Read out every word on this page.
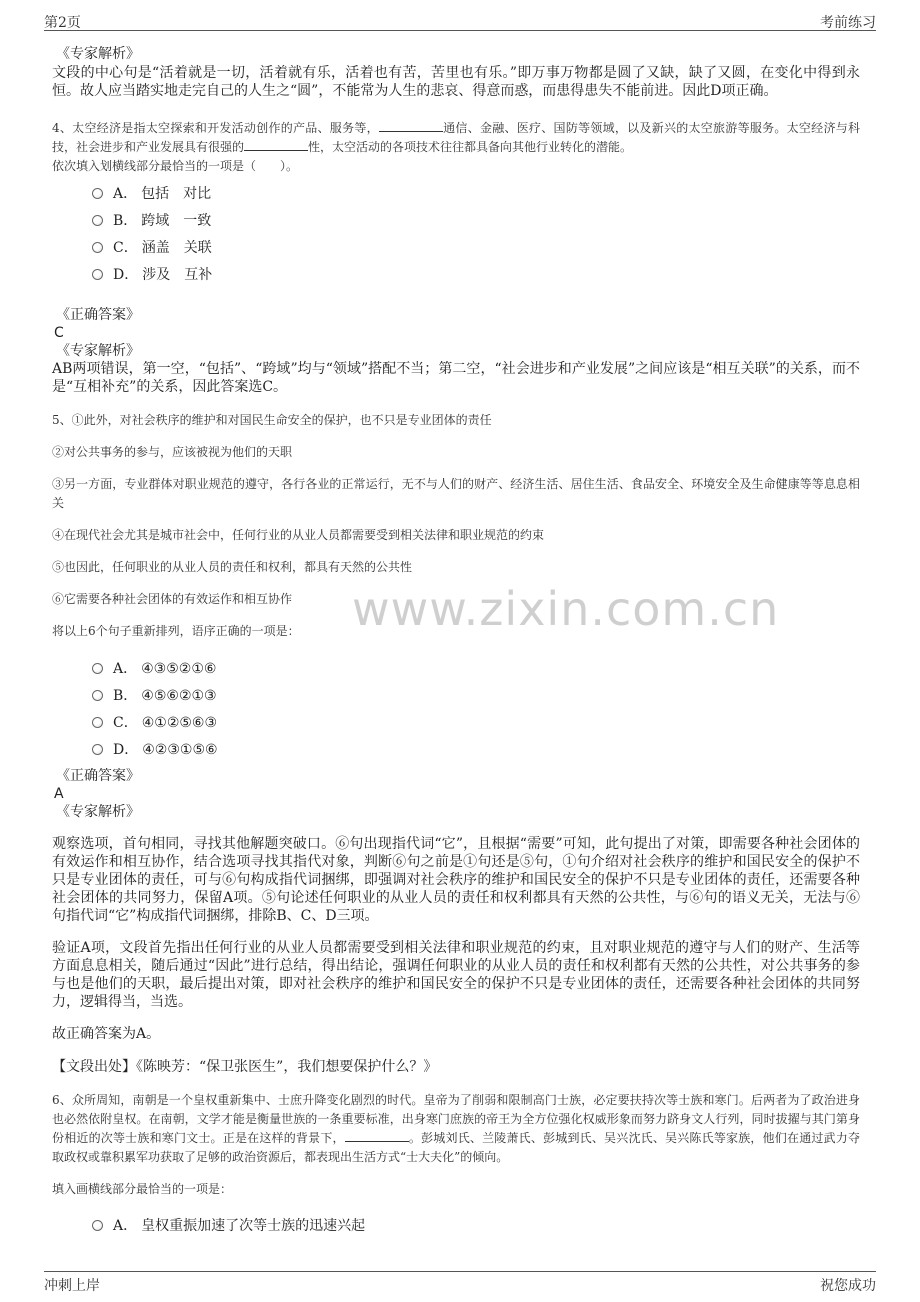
第2页	考前练习
www.zixin.com.cn
《专家解析》

文段的中心句是“活着就是一切，活着就有乐，活着也有苦，苦里也有乐。”即万事万物都是圆了又缺，缺了又圆，在变化中得到永恒。故人应当踏实地走完自己的人生之“圆”，不能常为人生的悲哀、得意而惑，而患得患失不能前进。因此D项正确。

4、太空经济是指太空探索和开发活动创作的产品、服务等，	通信、金融、医疗、国防等领域，以及新兴的太空旅游等服务。太空经济与科技，社会进步和产业发展具有很强的	性，太空活动的各项技术往往都具备向其他行业转化的潜能。

依次填入划横线部分最恰当的一项是（　　）。

A． 包括　对比
B． 跨域　一致
C． 涵盖　关联
D． 涉及　互补
《正确答案》
C
《专家解析》

AB两项错误，第一空，“包括”、“跨域”均与“领域”搭配不当；第二空，“社会进步和产业发展”之间应该是“相互关联”的关系，而不是“互相补充”的关系，因此答案选C。

5、①此外，对社会秩序的维护和对国民生命安全的保护，也不只是专业团体的责任

②对公共事务的参与，应该被视为他们的天职

③另一方面，专业群体对职业规范的遵守，各行各业的正常运行，无不与人们的财产、经济生活、居住生活、食品安全、环境安全及生命健康等等息息相关

④在现代社会尤其是城市社会中，任何行业的从业人员都需要受到相关法律和职业规范的约束

⑤也因此，任何职业的从业人员的责任和权利，都具有天然的公共性

⑥它需要各种社会团体的有效运作和相互协作

将以上6个句子重新排列，语序正确的一项是：

A． ④③⑤②①⑥
B． ④⑤⑥②①③
C． ④①②⑤⑥③
D． ④②③①⑤⑥
《正确答案》
A
《专家解析》

观察选项，首句相同，寻找其他解题突破口。⑥句出现指代词“它”，且根据“需要”可知，此句提出了对策，即需要各种社会团体的有效运作和相互协作，结合选项寻找其指代对象，判断⑥句之前是①句还是⑤句，①句介绍对社会秩序的维护和国民安全的保护不只是专业团体的责任，可与⑥句构成指代词捆绑，即强调对社会秩序的维护和国民安全的保护不只是专业团体的责任，还需要各种社会团体的共同努力，保留A项。⑤句论述任何职业的从业人员的责任和权利都具有天然的公共性，与⑥句的语义无关，无法与⑥句指代词“它”构成指代词捆绑，排除B、C、D三项。

验证A项，文段首先指出任何行业的从业人员都需要受到相关法律和职业规范的约束，且对职业规范的遵守与人们的财产、生活等方面息息相关，随后通过“因此”进行总结，得出结论，强调任何职业的从业人员的责任和权利都有天然的公共性，对公共事务的参与也是他们的天职，最后提出对策，即对社会秩序的维护和国民安全的保护不只是专业团体的责任，还需要各种社会团体的共同努力，逻辑得当，当选。

故正确答案为A。

【文段出处】《陈映芳：“保卫张医生”，我们想要保护什么？》

6、众所周知，南朝是一个皇权重新集中、士庶升降变化剧烈的时代。皇帝为了削弱和限制高门士族，必定要扶持次等士族和寒门。后两者为了政治进身也必然依附皇权。在南朝，文学才能是衡量世族的一条重要标准，出身寒门庶族的帝王为全方位强化权威形象而努力跻身文人行列，同时拔擢与其门第身份相近的次等士族和寒门文士。正是在这样的背景下，	。彭城刘氏、兰陵萧氏、彭城到氏、吴兴沈氏、吴兴陈氏等家族，他们在通过武力夺取政权或靠积累军功获取了足够的政治资源后，都表现出生活方式“士大夫化”的倾向。

填入画横线部分最恰当的一项是：

A． 皇权重振加速了次等士族的迅速兴起
冲刺上岸	祝您成功
